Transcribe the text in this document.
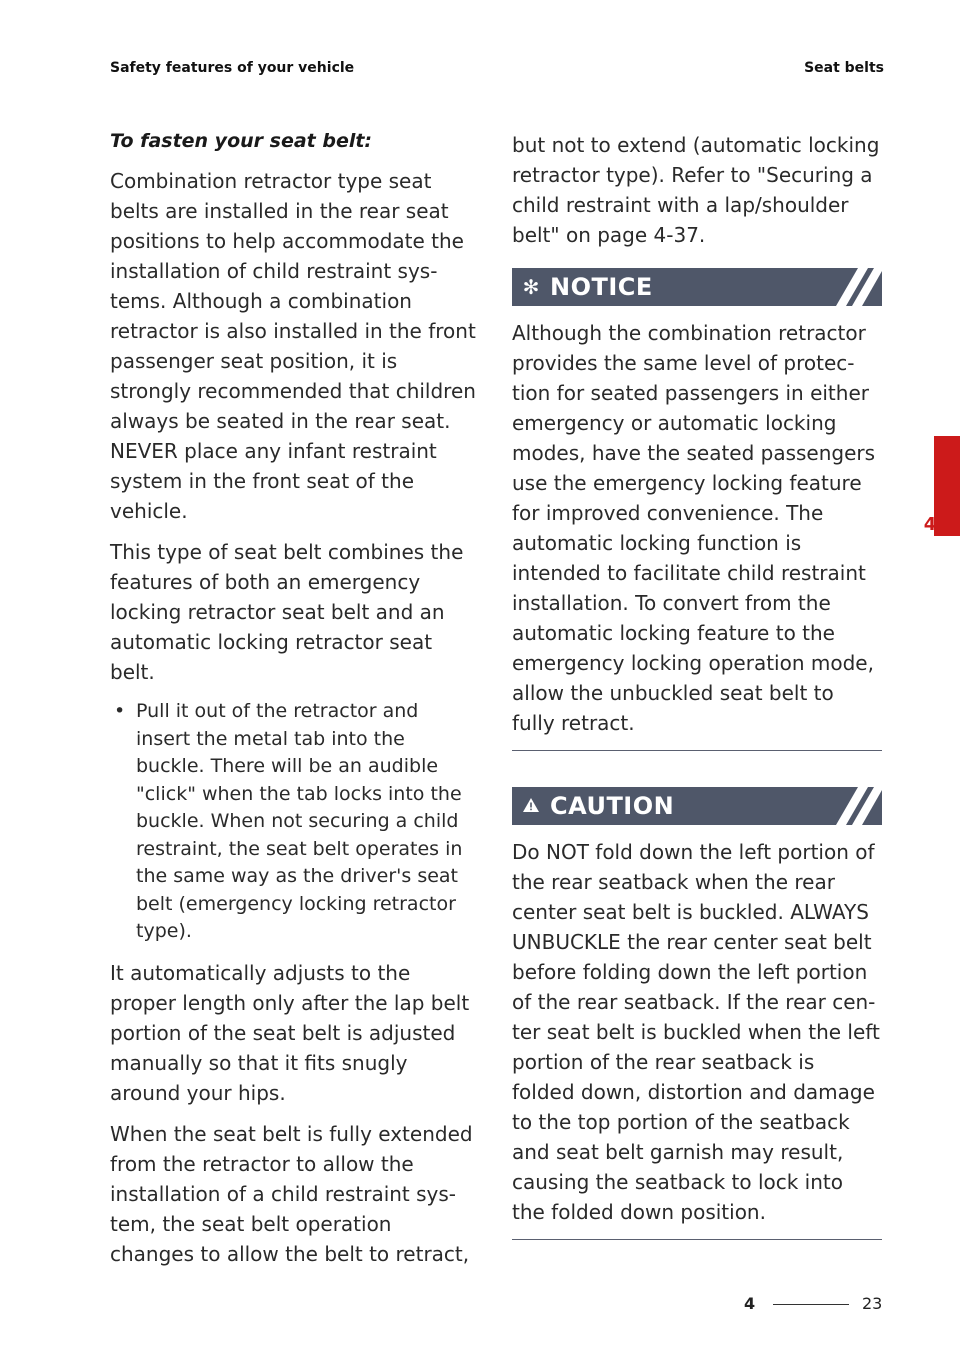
Safety features of your vehicle	Seat belts
To fasten your seat belt:

Combination retractor type seat belts are installed in the rear seat positions to help accommodate the installation of child restraint sys-tems. Although a combination retractor is also installed in the front passenger seat position, it is strongly recommended that children always be seated in the rear seat. NEVER place any infant restraint system in the front seat of the vehicle.

This type of seat belt combines the features of both an emergency locking retractor seat belt and an automatic locking retractor seat belt.

• Pull it out of the retractor and insert the metal tab into the buckle. There will be an audible "click" when the tab locks into the buckle. When not securing a child restraint, the seat belt operates in the same way as the driver's seat belt (emergency locking retractor type).

It automatically adjusts to the proper length only after the lap belt portion of the seat belt is adjusted manually so that it fits snugly around your hips.

When the seat belt is fully extended from the retractor to allow the installation of a child restraint sys-tem, the seat belt operation changes to allow the belt to retract,

but not to extend (automatic locking retractor type). Refer to "Securing a child restraint with a lap/shoulder belt" on page 4-37.

✻ NOTICE

Although the combination retractor provides the same level of protec-tion for seated passengers in either emergency or automatic locking modes, have the seated passengers use the emergency locking feature for improved convenience. The automatic locking function is intended to facilitate child restraint installation. To convert from the automatic locking feature to the emergency locking operation mode, allow the unbuckled seat belt to fully retract.

CAUTION

Do NOT fold down the left portion of the rear seatback when the rear center seat belt is buckled. ALWAYS UNBUCKLE the rear center seat belt before folding down the left portion of the rear seatback. If the rear cen-ter seat belt is buckled when the left portion of the rear seatback is folded down, distortion and damage to the top portion of the seatback and seat belt garnish may result, causing the seatback to lock into the folded down position.

4
4	23
